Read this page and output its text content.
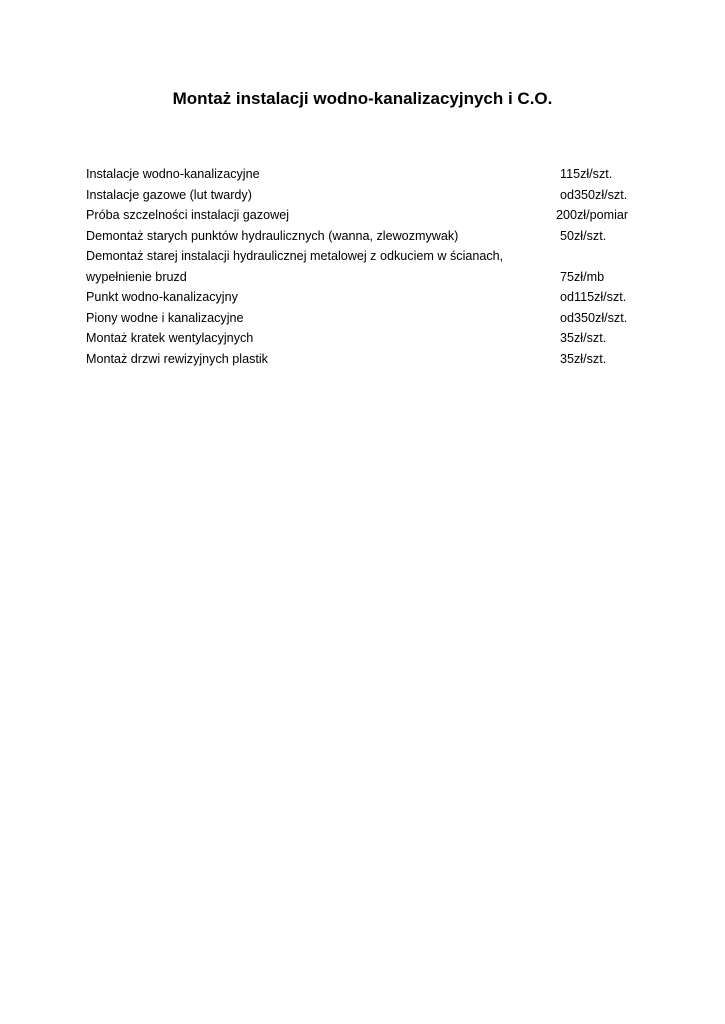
Montaż instalacji wodno-kanalizacyjnych i C.O.
Instalacje wodno-kanalizacyjne	115zł/szt.
Instalacje gazowe (lut twardy)	od350zł/szt.
Próba szczelności instalacji gazowej	200zł/pomiar
Demontaż starych punktów hydraulicznych (wanna, zlewozmywak)	50zł/szt.
Demontaż starej instalacji hydraulicznej metalowej z odkuciem w ścianach,
wypełnienie bruzd	75zł/mb
Punkt wodno-kanalizacyjny	od115zł/szt.
Piony wodne i kanalizacyjne	od350zł/szt.
Montaż kratek wentylacyjnych	35zł/szt.
Montaż drzwi rewizyjnych plastik	35zł/szt.
